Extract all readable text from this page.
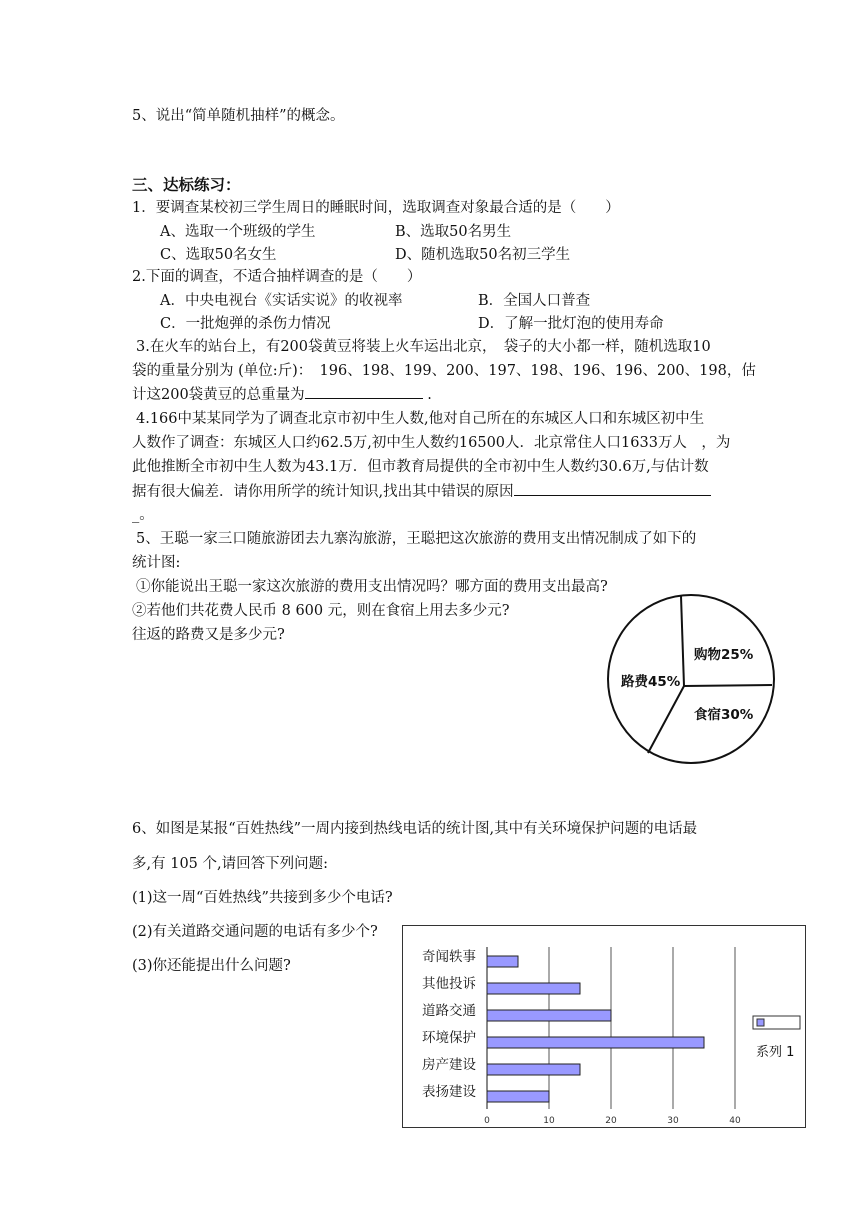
5、说出“简单随机抽样”的概念。
三、达标练习：
1．要调查某校初三学生周日的睡眠时间，选取调查对象最合适的是（　　）
A、选取一个班级的学生	B、选取50名男生
C、选取50名女生	D、随机选取50名初三学生
2.下面的调查，不适合抽样调查的是（　　）
A．中央电视台《实话实说》的收视率	B．全国人口普查
C．一批炮弹的杀伤力情况	D．了解一批灯泡的使用寿命
3.在火车的站台上，有200袋黄豆将装上火车运出北京，　袋子的大小都一样，随机选取10
袋的重量分别为 (单位:斤)：　196、198、199、200、197、198、196、196、200、198，估
计这200袋黄豆的总重量为	.
4.166中某某同学为了调查北京市初中生人数,他对自己所在的东城区人口和东城区初中生
人数作了调查：东城区人口约62.5万,初中生人数约16500人．北京常住人口1633万人　，为
此他推断全市初中生人数为43.1万．但市教育局提供的全市初中生人数约30.6万,与估计数
据有很大偏差．请你用所学的统计知识,找出其中错误的原因
_。
5、王聪一家三口随旅游团去九寨沟旅游，王聪把这次旅游的费用支出情况制成了如下的
统计图:
①你能说出王聪一家这次旅游的费用支出情况吗？哪方面的费用支出最高?
②若他们共花费人民币 8 600 元，则在食宿上用去多少元?
往返的路费又是多少元?
购物25%
食宿30%
路费45%
6、如图是某报“百姓热线”一周内接到热线电话的统计图,其中有关环境保护问题的电话最
多,有 105 个,请回答下列问题:
(1)这一周“百姓热线”共接到多少个电话?
(2)有关道路交通问题的电话有多少个?
(3)你还能提出什么问题?
奇闻轶事
其他投诉
道路交通
环境保护
房产建设
表扬建设
0	10	20	30	40
系列 1
